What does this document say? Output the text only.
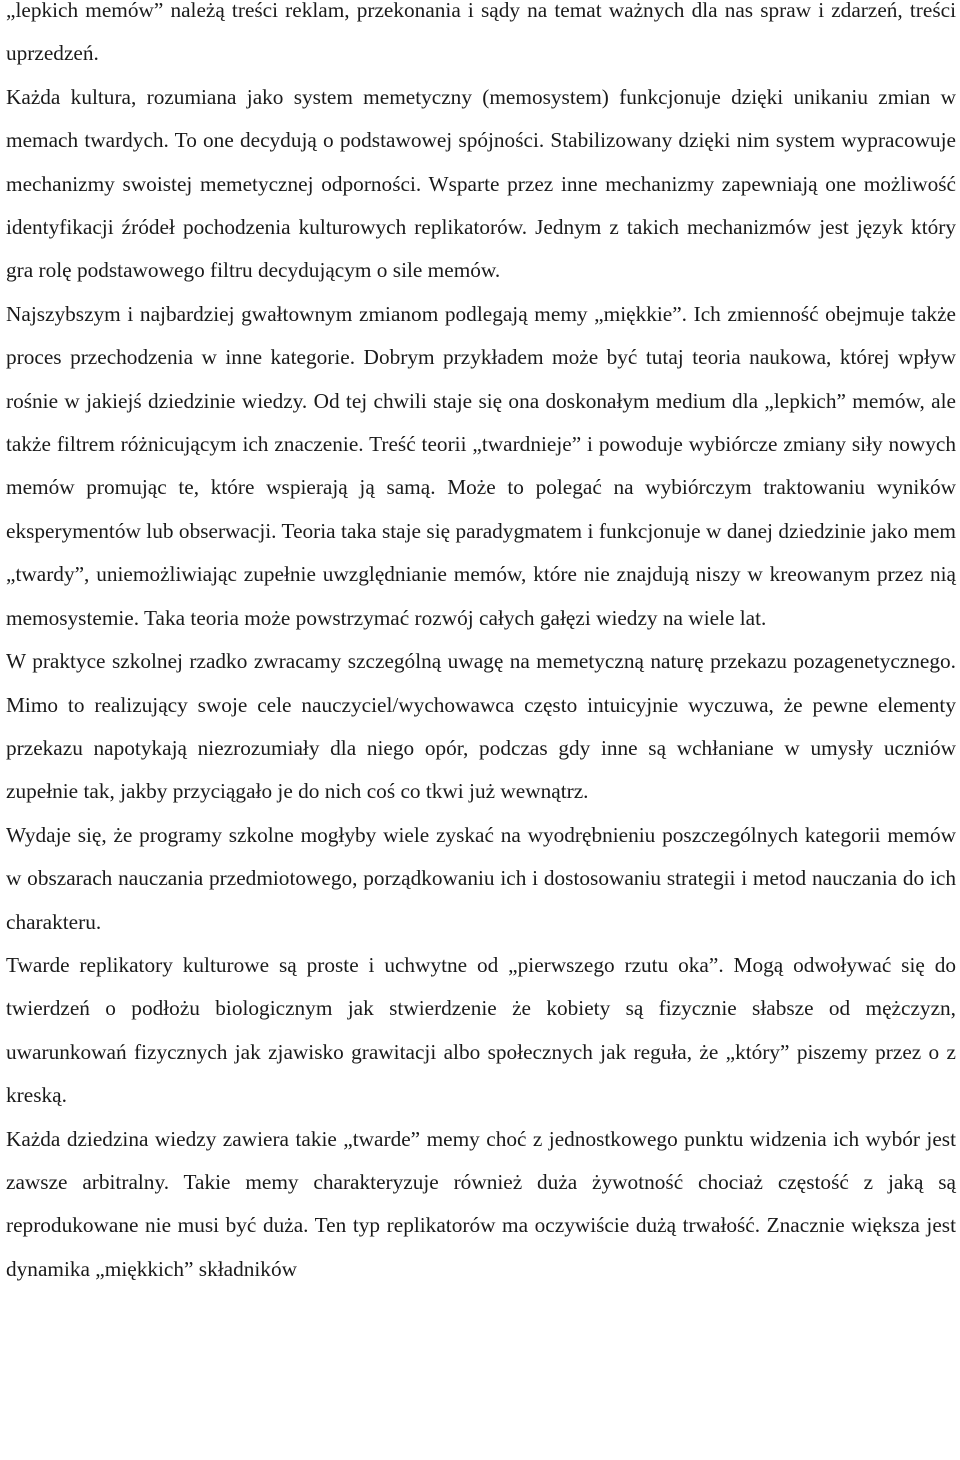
„lepkich memów” należą treści reklam, przekonania i sądy na temat ważnych dla nas spraw i zdarzeń, treści uprzedzeń.

Każda kultura, rozumiana jako system memetyczny (memosystem) funkcjonuje dzięki unikaniu zmian w memach twardych. To one decydują o podstawowej spójności. Stabilizowany dzięki nim system wypracowuje mechanizmy swoistej memetycznej odporności. Wsparte przez inne mechanizmy zapewniają one możliwość identyfikacji źródeł pochodzenia kulturowych replikatorów. Jednym z takich mechanizmów jest język który gra rolę podstawowego filtru decydującym o sile memów.

Najszybszym i najbardziej gwałtownym zmianom podlegają memy „miękkie”. Ich zmienność obejmuje także proces przechodzenia w inne kategorie. Dobrym przykładem może być tutaj teoria naukowa, której wpływ rośnie w jakiejś dziedzinie wiedzy. Od tej chwili staje się ona doskonałym medium dla „lepkich” memów, ale także filtrem różnicującym ich znaczenie. Treść teorii „twardnieje” i powoduje wybiórcze zmiany siły nowych memów promując te, które wspierają ją samą. Może to polegać na wybiórczym traktowaniu wyników eksperymentów lub obserwacji. Teoria taka staje się paradygmatem i funkcjonuje w danej dziedzinie jako mem „twardy”, uniemożliwiając zupełnie uwzględnianie memów, które nie znajdują niszy w kreowanym przez nią memosystemie. Taka teoria może powstrzymać rozwój całych gałęzi wiedzy na wiele lat.

W praktyce szkolnej rzadko zwracamy szczególną uwagę na memetyczną naturę przekazu pozagenetycznego. Mimo to realizujący swoje cele nauczyciel/wychowawca często intuicyjnie wyczuwa, że pewne elementy przekazu napotykają niezrozumiały dla niego opór, podczas gdy inne są wchłaniane w umysły uczniów zupełnie tak, jakby przyciągało je do nich coś co tkwi już wewnątrz.

Wydaje się, że programy szkolne mogłyby wiele zyskać na wyodrębnieniu poszczególnych kategorii memów w obszarach nauczania przedmiotowego, porządkowaniu ich i dostosowaniu strategii i metod nauczania do ich charakteru.

Twarde replikatory kulturowe są proste i uchwytne od „pierwszego rzutu oka”. Mogą odwoływać się do twierdzeń o podłożu biologicznym jak stwierdzenie że kobiety są fizycznie słabsze od mężczyzn, uwarunkowań fizycznych jak zjawisko grawitacji albo społecznych jak reguła, że „który” piszemy przez o z kreską.

Każda dziedzina wiedzy zawiera takie „twarde” memy choć z jednostkowego punktu widzenia ich wybór jest zawsze arbitralny. Takie memy charakteryzuje również duża żywotność chociaż częstość z jaką są reprodukowane nie musi być duża. Ten typ replikatorów ma oczywiście dużą trwałość. Znacznie większa jest dynamika „miękkich” składników
